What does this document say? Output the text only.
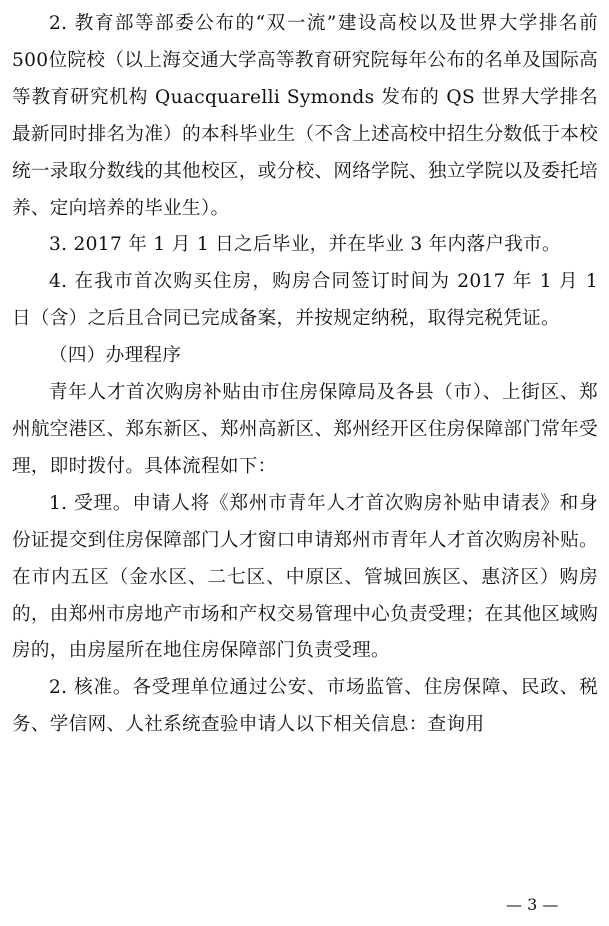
2. 教育部等部委公布的“双一流”建设高校以及世界大学排名前500位院校（以上海交通大学高等教育研究院每年公布的名单及国际高等教育研究机构 Quacquarelli Symonds 发布的 QS 世界大学排名最新同时排名为准）的本科毕业生（不含上述高校中招生分数低于本校统一录取分数线的其他校区，或分校、网络学院、独立学院以及委托培养、定向培养的毕业生）。

3. 2017 年 1 月 1 日之后毕业，并在毕业 3 年内落户我市。

4. 在我市首次购买住房，购房合同签订时间为 2017 年 1 月 1 日（含）之后且合同已完成备案，并按规定纳税，取得完税凭证。

（四）办理程序

青年人才首次购房补贴由市住房保障局及各县（市）、上街区、郑州航空港区、郑东新区、郑州高新区、郑州经开区住房保障部门常年受理，即时拨付。具体流程如下：

1. 受理。申请人将《郑州市青年人才首次购房补贴申请表》和身份证提交到住房保障部门人才窗口申请郑州市青年人才首次购房补贴。在市内五区（金水区、二七区、中原区、管城回族区、惠济区）购房的，由郑州市房地产市场和产权交易管理中心负责受理；在其他区域购房的，由房屋所在地住房保障部门负责受理。

2. 核准。各受理单位通过公安、市场监管、住房保障、民政、税务、学信网、人社系统查验申请人以下相关信息：查询用

— 3 —
